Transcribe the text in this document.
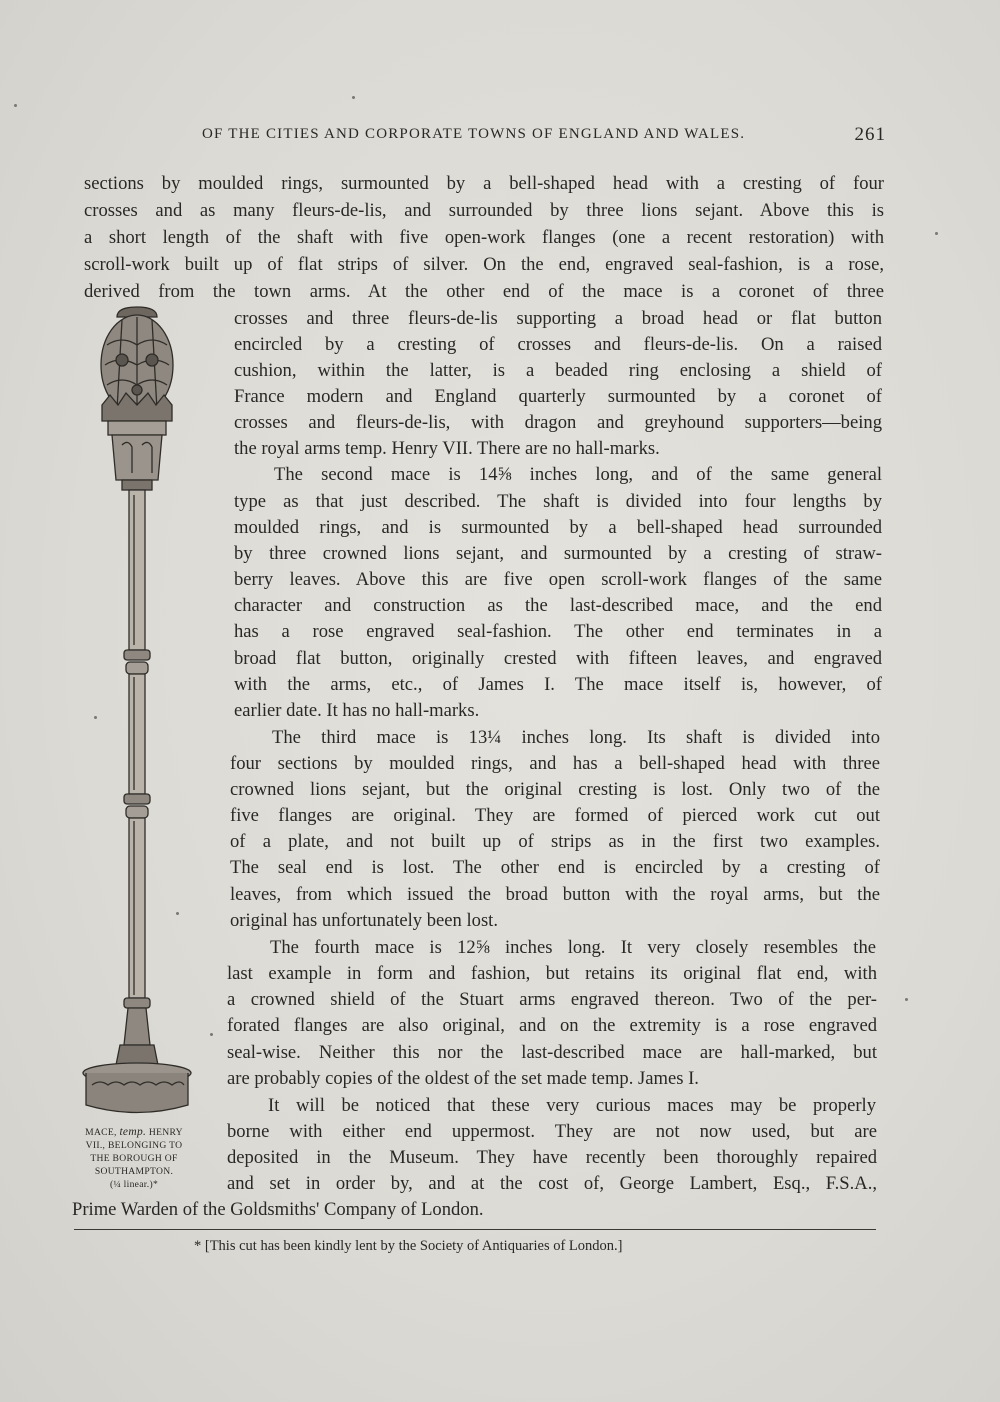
OF THE CITIES AND CORPORATE TOWNS OF ENGLAND AND WALES.	261
sections by moulded rings, surmounted by a bell-shaped head with a cresting of four
crosses and as many fleurs-de-lis, and surrounded by three lions sejant. Above this is
a short length of the shaft with five open-work flanges (one a recent restoration) with
scroll-work built up of flat strips of silver. On the end, engraved seal-fashion, is a rose,
derived from the town arms. At the other end of the mace is a coronet of three
crosses and three fleurs-de-lis supporting a broad head or flat button
encircled by a cresting of crosses and fleurs-de-lis. On a raised
cushion, within the latter, is a beaded ring enclosing a shield of
France modern and England quarterly surmounted by a coronet of
crosses and fleurs-de-lis, with dragon and greyhound supporters—being
the royal arms temp. Henry VII. There are no hall-marks.
The second mace is 14⅝ inches long, and of the same general
type as that just described. The shaft is divided into four lengths by
moulded rings, and is surmounted by a bell-shaped head surrounded
by three crowned lions sejant, and surmounted by a cresting of straw-
berry leaves. Above this are five open scroll-work flanges of the same
character and construction as the last-described mace, and the end
has a rose engraved seal-fashion. The other end terminates in a
broad flat button, originally crested with fifteen leaves, and engraved
with the arms, etc., of James I. The mace itself is, however, of
earlier date. It has no hall-marks.
The third mace is 13¼ inches long. Its shaft is divided into
four sections by moulded rings, and has a bell-shaped head with three
crowned lions sejant, but the original cresting is lost. Only two of the
five flanges are original. They are formed of pierced work cut out
of a plate, and not built up of strips as in the first two examples.
The seal end is lost. The other end is encircled by a cresting of
leaves, from which issued the broad button with the royal arms, but the
original has unfortunately been lost.
The fourth mace is 12⅝ inches long. It very closely resembles the
last example in form and fashion, but retains its original flat end, with
a crowned shield of the Stuart arms engraved thereon. Two of the per-
forated flanges are also original, and on the extremity is a rose engraved
seal-wise. Neither this nor the last-described mace are hall-marked, but
are probably copies of the oldest of the set made temp. James I.
It will be noticed that these very curious maces may be properly
borne with either end uppermost. They are not now used, but are
deposited in the Museum. They have recently been thoroughly repaired
and set in order by, and at the cost of, George Lambert, Esq., F.S.A.,
Prime Warden of the Goldsmiths' Company of London.
MACE, temp. HENRY
VII., BELONGING TO
THE BOROUGH OF
SOUTHAMPTON.
(¼ linear.)*
* [This cut has been kindly lent by the Society of Antiquaries of London.]
